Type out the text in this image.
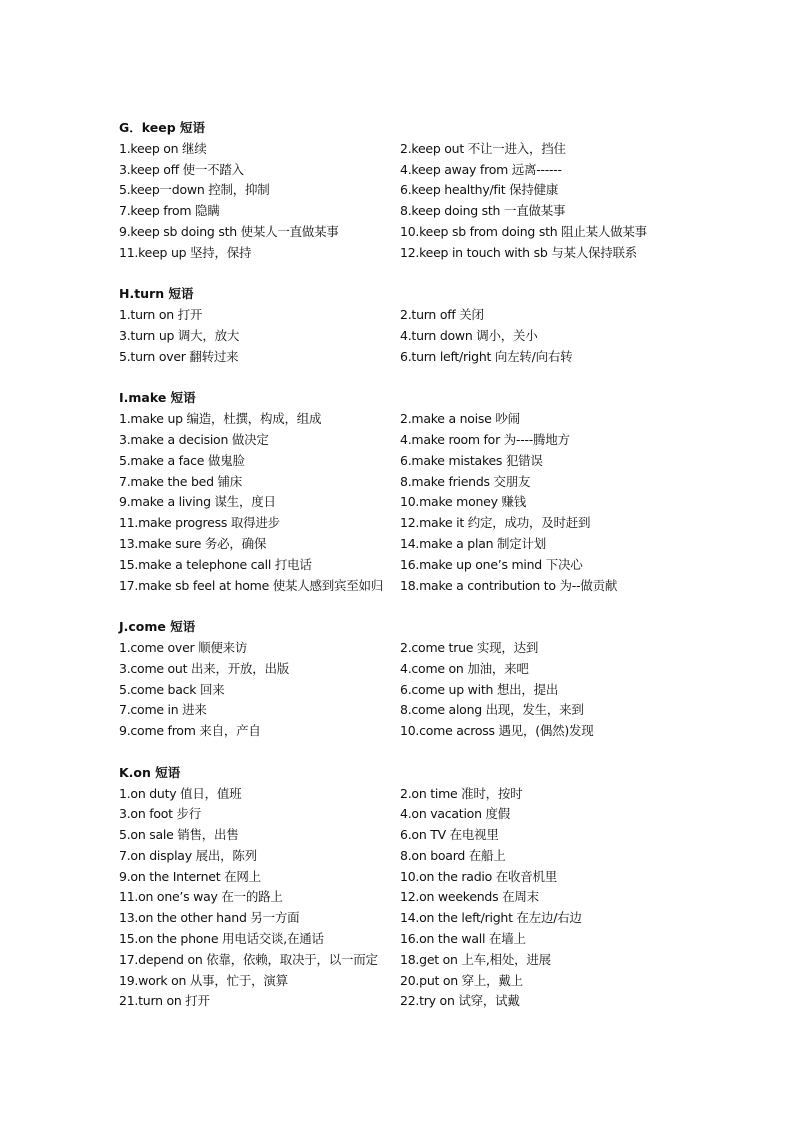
G．keep 短语
1.keep on 继续	2.keep out 不让一进入，挡住
3.keep off 使一不踏入	4.keep away from 远离------
5.keep一down 控制，抑制	6.keep healthy/fit 保持健康
7.keep from 隐瞒	8.keep doing sth 一直做某事
9.keep sb doing sth 使某人一直做某事	10.keep sb from doing sth 阻止某人做某事
11.keep up 坚持，保持	12.keep in touch with sb 与某人保持联系
H.turn 短语
1.turn on 打开	2.turn off 关闭
3.turn up 调大，放大	4.turn down 调小，关小
5.turn over 翻转过来	6.turn left/right 向左转/向右转
I.make 短语
1.make up 编造，杜撰，构成，组成	2.make a noise 吵闹
3.make a decision 做决定	4.make room for 为----腾地方
5.make a face 做鬼脸	6.make mistakes 犯错误
7.make the bed 铺床	8.make friends 交朋友
9.make a living 谋生，度日	10.make money 赚钱
11.make progress 取得进步	12.make it 约定，成功，及时赶到
13.make sure 务必，确保	14.make a plan 制定计划
15.make a telephone call 打电话	16.make up one’s mind 下决心
17.make sb feel at home 使某人感到宾至如归	18.make a contribution to 为--做贡献
J.come 短语
1.come over 顺便来访	2.come true 实现，达到
3.come out 出来，开放，出版	4.come on 加油，来吧
5.come back 回来	6.come up with 想出，提出
7.come in 进来	8.come along 出现，发生，来到
9.come from 来自，产自	10.come across 遇见，(偶然)发现
K.on 短语
1.on duty 值日，值班	2.on time 准时，按时
3.on foot 步行	4.on vacation 度假
5.on sale 销售，出售	6.on TV 在电视里
7.on display 展出，陈列	8.on board 在船上
9.on the Internet 在网上	10.on the radio 在收音机里
11.on one’s way 在一的路上	12.on weekends 在周末
13.on the other hand 另一方面	14.on the left/right 在左边/右边
15.on the phone 用电话交谈,在通话	16.on the wall 在墙上
17.depend on 依靠，依赖，取决于，以一而定	18.get on 上车,相处，进展
19.work on 从事，忙于，演算	20.put on 穿上，戴上
21.turn on 打开	22.try on 试穿，试戴
